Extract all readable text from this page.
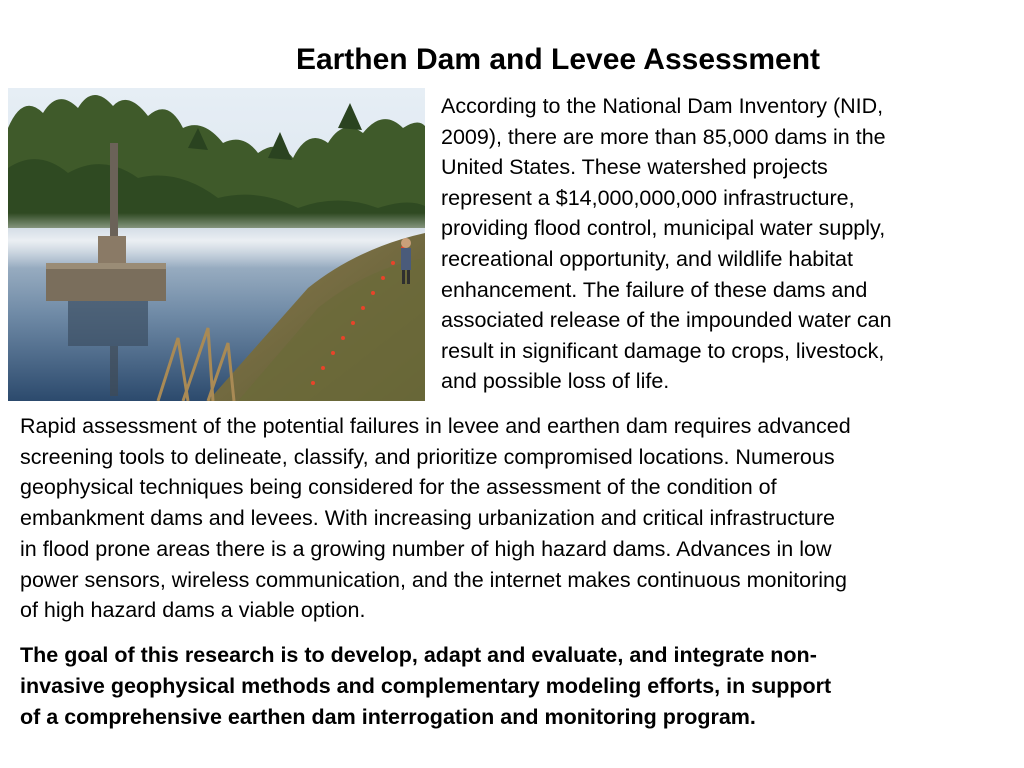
Earthen Dam and Levee Assessment

According to the National Dam Inventory (NID,
2009), there are more than 85,000 dams in the
United States. These watershed projects
represent a $14,000,000,000 infrastructure,
providing flood control, municipal water supply,
recreational opportunity, and wildlife habitat
enhancement. The failure of these dams and
associated release of the impounded water can
result in significant damage to crops, livestock,
and possible loss of life.

Rapid assessment of the potential failures in levee and earthen dam requires advanced
screening tools to delineate, classify, and prioritize compromised locations. Numerous
geophysical techniques being considered for the assessment of the condition of
embankment dams and levees. With increasing urbanization and critical infrastructure
in flood prone areas there is a growing number of high hazard dams. Advances in low
power sensors, wireless communication, and the internet makes continuous monitoring
of high hazard dams a viable option.

The goal of this research is to develop, adapt and evaluate, and integrate non-
invasive geophysical methods and complementary modeling efforts, in support
of a comprehensive earthen dam interrogation and monitoring program.
